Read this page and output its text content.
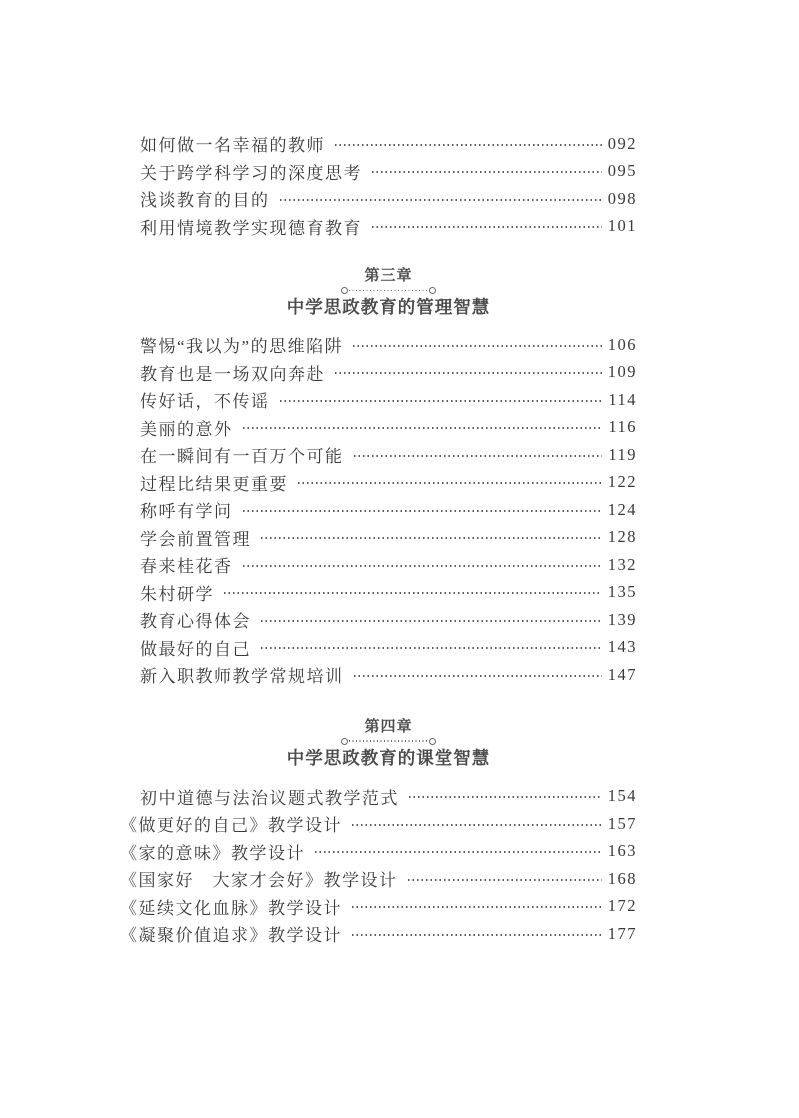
如何做一名幸福的教师	092
关于跨学科学习的深度思考	095
浅谈教育的目的	098
利用情境教学实现德育教育	101
第三章
中学思政教育的管理智慧
警惕“我以为”的思维陷阱	106
教育也是一场双向奔赴	109
传好话，不传谣	114
美丽的意外	116
在一瞬间有一百万个可能	119
过程比结果更重要	122
称呼有学问	124
学会前置管理	128
春来桂花香	132
朱村研学	135
教育心得体会	139
做最好的自己	143
新入职教师教学常规培训	147
第四章
中学思政教育的课堂智慧
初中道德与法治议题式教学范式	154
《做更好的自己》教学设计	157
《家的意味》教学设计	163
《国家好　大家才会好》教学设计	168
《延续文化血脉》教学设计	172
《凝聚价值追求》教学设计	177
